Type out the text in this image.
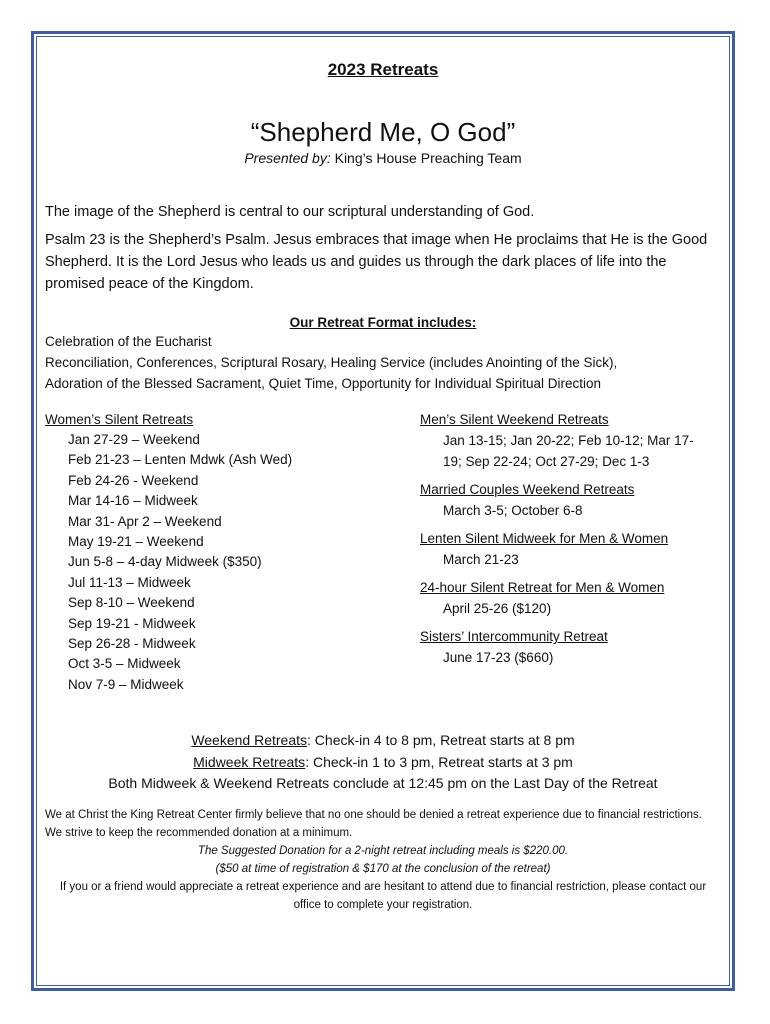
2023 Retreats

“Shepherd Me, O God”

Presented by: King’s House Preaching Team

The image of the Shepherd is central to our scriptural understanding of God.

Psalm 23 is the Shepherd’s Psalm. Jesus embraces that image when He proclaims that He is the Good Shepherd. It is the Lord Jesus who leads us and guides us through the dark places of life into the promised peace of the Kingdom.

Our Retreat Format includes:
Celebration of the Eucharist
Reconciliation, Conferences, Scriptural Rosary, Healing Service (includes Anointing of the Sick),
Adoration of the Blessed Sacrament, Quiet Time, Opportunity for Individual Spiritual Direction
Women’s Silent Retreats
Jan 27-29 – Weekend
Feb 21-23 – Lenten Mdwk (Ash Wed)
Feb 24-26 - Weekend
Mar 14-16 – Midweek
Mar 31- Apr 2 – Weekend
May 19-21 – Weekend
Jun 5-8 – 4-day Midweek ($350)
Jul 11-13 – Midweek
Sep 8-10 – Weekend
Sep 19-21 - Midweek
Sep 26-28 - Midweek
Oct 3-5 – Midweek
Nov 7-9 – Midweek
Men’s Silent Weekend Retreats
Jan 13-15; Jan 20-22; Feb 10-12; Mar 17-
19; Sep 22-24; Oct 27-29; Dec 1-3
Married Couples Weekend Retreats
March 3-5; October 6-8
Lenten Silent Midweek for Men & Women
March 21-23
24-hour Silent Retreat for Men & Women
April 25-26 ($120)
Sisters’ Intercommunity Retreat
June 17-23 ($660)
Weekend Retreats: Check-in 4 to 8 pm, Retreat starts at 8 pm
Midweek Retreats: Check-in 1 to 3 pm, Retreat starts at 3 pm
Both Midweek & Weekend Retreats conclude at 12:45 pm on the Last Day of the Retreat
We at Christ the King Retreat Center firmly believe that no one should be denied a retreat experience due to financial restrictions. We strive to keep the recommended donation at a minimum.
The Suggested Donation for a 2-night retreat including meals is $220.00.
($50 at time of registration & $170 at the conclusion of the retreat)
If you or a friend would appreciate a retreat experience and are hesitant to attend due to financial restriction, please contact our office to complete your registration.
